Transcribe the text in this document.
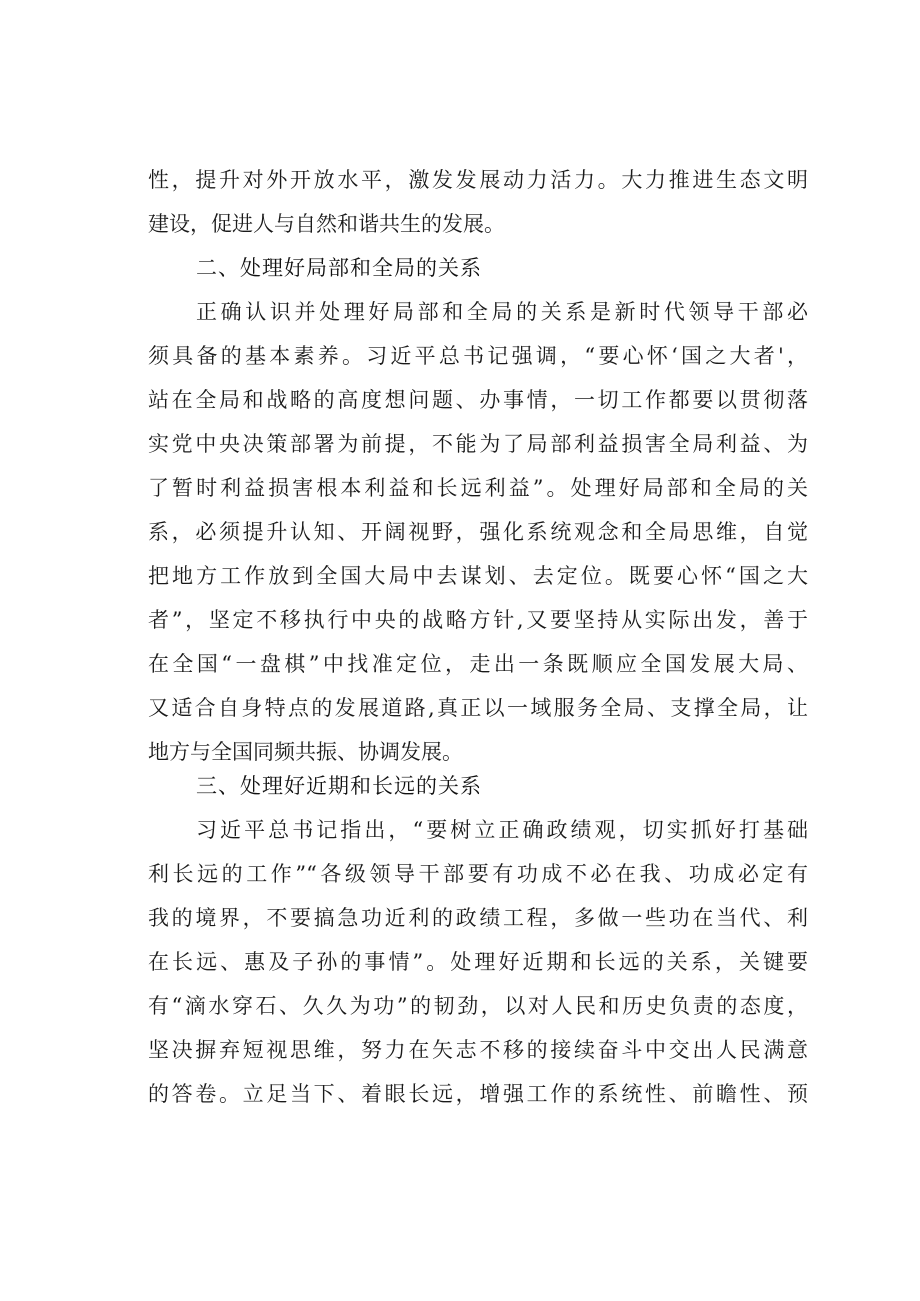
性，提升对外开放水平，激发发展动力活力。大力推进生态文明
建设，促进人与自然和谐共生的发展。
二、处理好局部和全局的关系
正确认识并处理好局部和全局的关系是新时代领导干部必
须具备的基本素养。习近平总书记强调，“要心怀‘国之大者'，
站在全局和战略的高度想问题、办事情，一切工作都要以贯彻落
实党中央决策部署为前提，不能为了局部利益损害全局利益、为
了暂时利益损害根本利益和长远利益”。处理好局部和全局的关
系，必须提升认知、开阔视野，强化系统观念和全局思维，自觉
把地方工作放到全国大局中去谋划、去定位。既要心怀“国之大
者”，坚定不移执行中央的战略方针,又要坚持从实际出发，善于
在全国“一盘棋”中找准定位，走出一条既顺应全国发展大局、
又适合自身特点的发展道路,真正以一域服务全局、支撑全局，让
地方与全国同频共振、协调发展。
三、处理好近期和长远的关系
习近平总书记指出，“要树立正确政绩观，切实抓好打基础
利长远的工作”“各级领导干部要有功成不必在我、功成必定有
我的境界，不要搞急功近利的政绩工程，多做一些功在当代、利
在长远、惠及子孙的事情”。处理好近期和长远的关系，关键要
有“滴水穿石、久久为功”的韧劲，以对人民和历史负责的态度，
坚决摒弃短视思维，努力在矢志不移的接续奋斗中交出人民满意
的答卷。立足当下、着眼长远，增强工作的系统性、前瞻性、预
